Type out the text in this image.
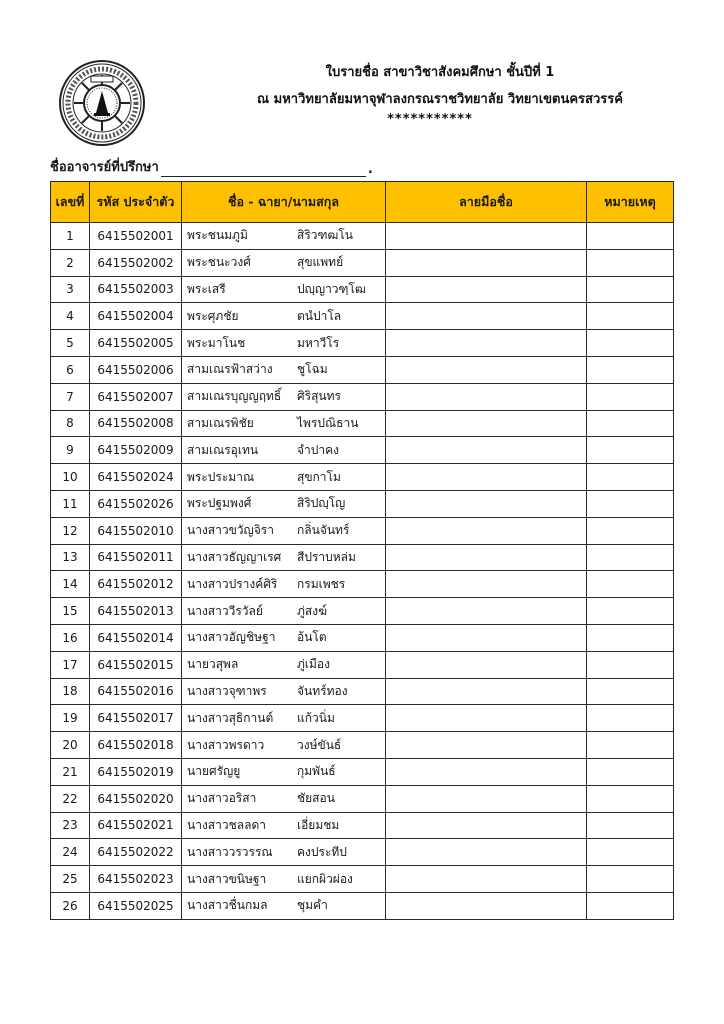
ใบรายชื่อ สาขาวิชาสังคมศึกษา ชั้นปีที่ 1
ณ มหาวิทยาลัยมหาจุฬาลงกรณราชวิทยาลัย วิทยาเขตนครสวรรค์
***********
ชื่ออาจารย์ที่ปรึกษา	.
เลขที่	รหัส ประจำตัว	ชื่อ - ฉายา/นามสกุล	ลายมือชื่อ	หมายเหตุ
1	6415502001	พระชนมภูมิ สิริวฑฒโน		

2	6415502002	พระชนะวงศ์ สุขแพทย์		

3	6415502003	พระเสรี ปญฺญาวฑฺโฒ		

4	6415502004	พระศุภชัย ตนํปาโล		

5	6415502005	พระมาโนช มหาวีโร		

6	6415502006	สามเณรฟ้าสว่าง ชูโฉม		

7	6415502007	สามเณรบุญญฤทธิ์ ศิริสุนทร		

8	6415502008	สามเณรพิชัย ไพรปณิธาน		

9	6415502009	สามเณรอุเทน จำปาคง		

10	6415502024	พระประมาณ สุขกาโม		

11	6415502026	พระปฐมพงศ์ สิริปญฺโญ		

12	6415502010	นางสาวขวัญจิรา กลิ่นจันทร์		

13	6415502011	นางสาวธัญญาเรศ สีปราบหล่ม		

14	6415502012	นางสาวปรางค์ศิริ กรมเพชร		

15	6415502013	นางสาววีรวัลย์ ภู่สงฆ์		

16	6415502014	นางสาวอัญชิษฐา อ้นโต		

17	6415502015	นายวสุพล ภู่เมือง		

18	6415502016	นางสาวจุฑาพร จันทร์ทอง		

19	6415502017	นางสาวสุธิกานต์ แก้วนิ่ม		

20	6415502018	นางสาวพรดาว วงษ์ขันธ์		

21	6415502019	นายศรัญยู กุมพันธ์		

22	6415502020	นางสาวอริสา ชัยสอน		

23	6415502021	นางสาวชลลดา เอี่ยมชม		

24	6415502022	นางสาววรวรรณ คงประทีป		

25	6415502023	นางสาวขนิษฐา แยกผิวผ่อง		

26	6415502025	นางสาวชื่นกมล ชุมคำ		
